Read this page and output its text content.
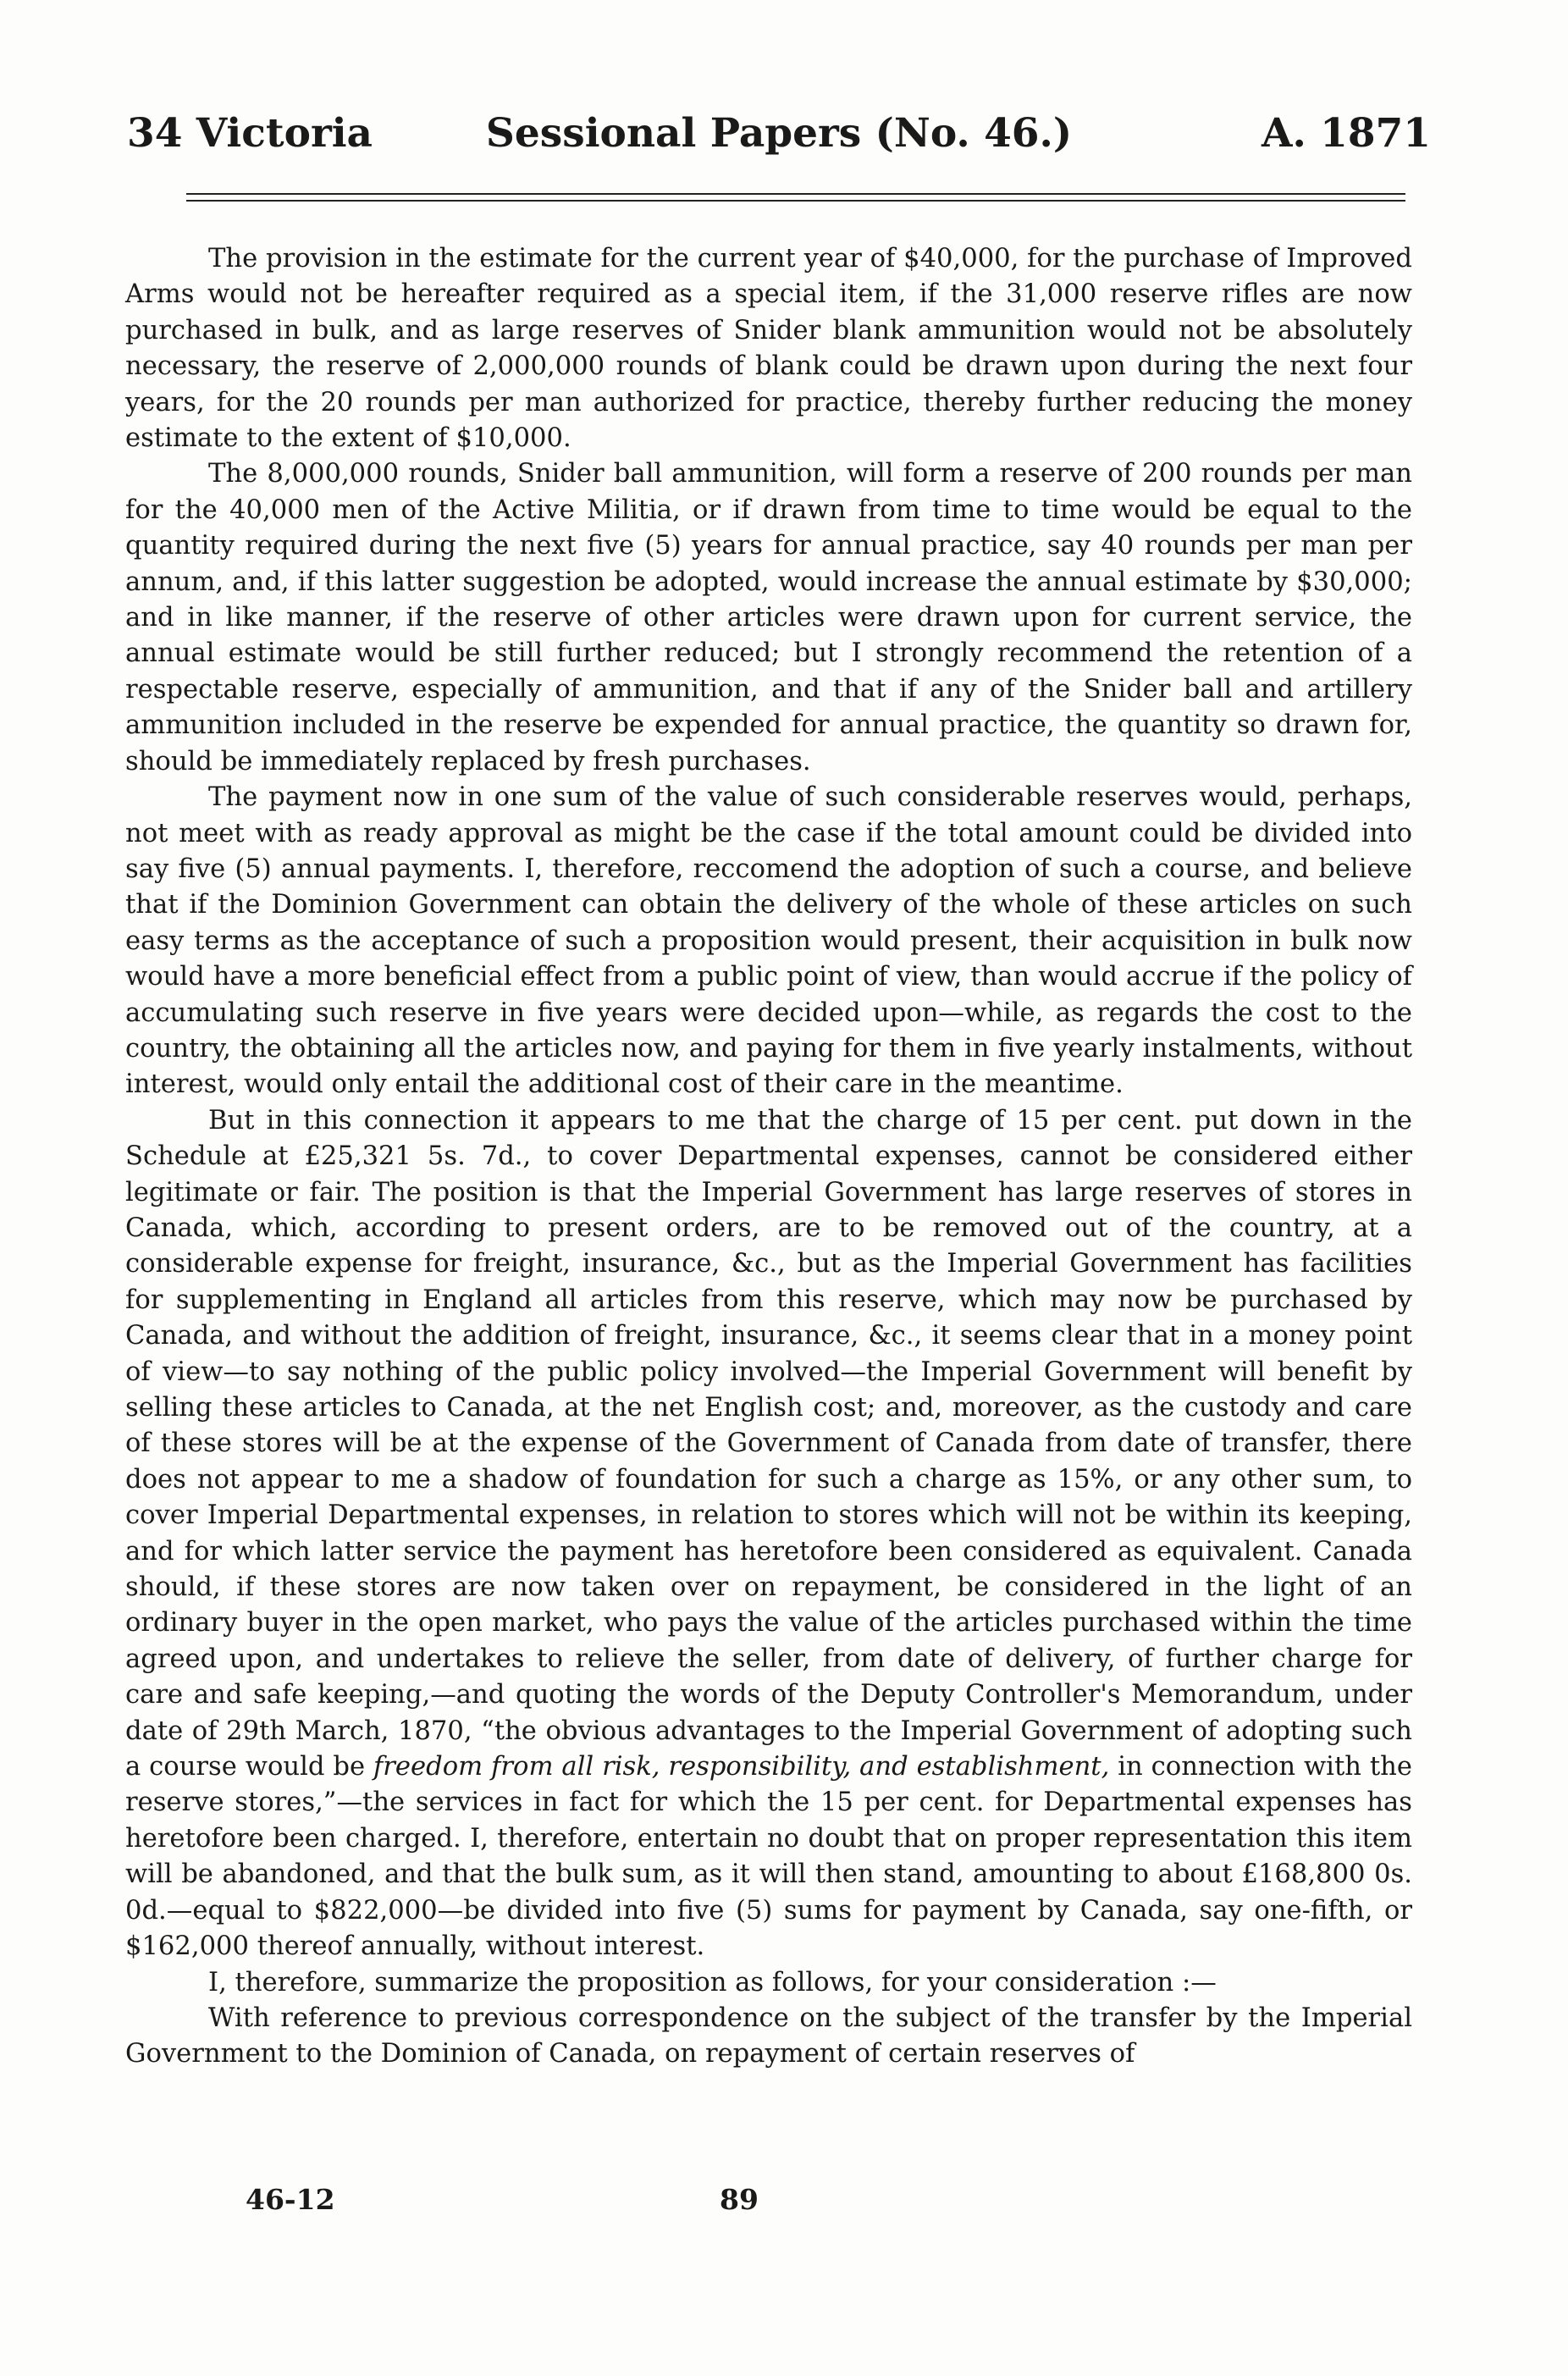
34 Victoria	Sessional Papers (No. 46.)	A. 1871

The provision in the estimate for the current year of $40,000, for the purchase of Improved Arms would not be hereafter required as a special item, if the 31,000 reserve rifles are now purchased in bulk, and as large reserves of Snider blank ammunition would not be absolutely necessary, the reserve of 2,000,000 rounds of blank could be drawn upon during the next four years, for the 20 rounds per man authorized for practice, thereby further reducing the money estimate to the extent of $10,000.

The 8,000,000 rounds, Snider ball ammunition, will form a reserve of 200 rounds per man for the 40,000 men of the Active Militia, or if drawn from time to time would be equal to the quantity required during the next five (5) years for annual practice, say 40 rounds per man per annum, and, if this latter suggestion be adopted, would increase the annual estimate by $30,000; and in like manner, if the reserve of other articles were drawn upon for current service, the annual estimate would be still further reduced; but I strongly recommend the retention of a respectable reserve, especially of ammunition, and that if any of the Snider ball and artillery ammunition included in the reserve be expended for annual practice, the quantity so drawn for, should be immediately replaced by fresh purchases.

The payment now in one sum of the value of such considerable reserves would, perhaps, not meet with as ready approval as might be the case if the total amount could be divided into say five (5) annual payments. I, therefore, reccomend the adoption of such a course, and believe that if the Dominion Government can obtain the delivery of the whole of these articles on such easy terms as the acceptance of such a proposition would present, their acquisition in bulk now would have a more beneficial effect from a public point of view, than would accrue if the policy of accumulating such reserve in five years were decided upon—while, as regards the cost to the country, the obtaining all the articles now, and paying for them in five yearly instalments, without interest, would only entail the additional cost of their care in the meantime.

But in this connection it appears to me that the charge of 15 per cent. put down in the Schedule at £25,321 5s. 7d., to cover Departmental expenses, cannot be considered either legitimate or fair. The position is that the Imperial Government has large reserves of stores in Canada, which, according to present orders, are to be removed out of the country, at a considerable expense for freight, insurance, &c., but as the Imperial Government has facilities for supplementing in England all articles from this reserve, which may now be purchased by Canada, and without the addition of freight, insurance, &c., it seems clear that in a money point of view—to say nothing of the public policy involved—the Imperial Government will benefit by selling these articles to Canada, at the net English cost; and, moreover, as the custody and care of these stores will be at the expense of the Government of Canada from date of transfer, there does not appear to me a shadow of foundation for such a charge as 15%, or any other sum, to cover Imperial Departmental expenses, in relation to stores which will not be within its keeping, and for which latter service the payment has heretofore been considered as equivalent. Canada should, if these stores are now taken over on repayment, be considered in the light of an ordinary buyer in the open market, who pays the value of the articles purchased within the time agreed upon, and undertakes to relieve the seller, from date of delivery, of further charge for care and safe keeping,—and quoting the words of the Deputy Controller's Memorandum, under date of 29th March, 1870, “the obvious advantages to the Imperial Government of adopting such a course would be freedom from all risk, responsibility, and establishment, in connection with the reserve stores,”—the services in fact for which the 15 per cent. for Departmental expenses has heretofore been charged. I, therefore, entertain no doubt that on proper representation this item will be abandoned, and that the bulk sum, as it will then stand, amounting to about £168,800 0s. 0d.—equal to $822,000—be divided into five (5) sums for payment by Canada, say one-fifth, or $162,000 thereof annually, without interest.

I, therefore, summarize the proposition as follows, for your consideration :—

With reference to previous correspondence on the subject of the transfer by the Imperial Government to the Dominion of Canada, on repayment of certain reserves of

46-12	89
